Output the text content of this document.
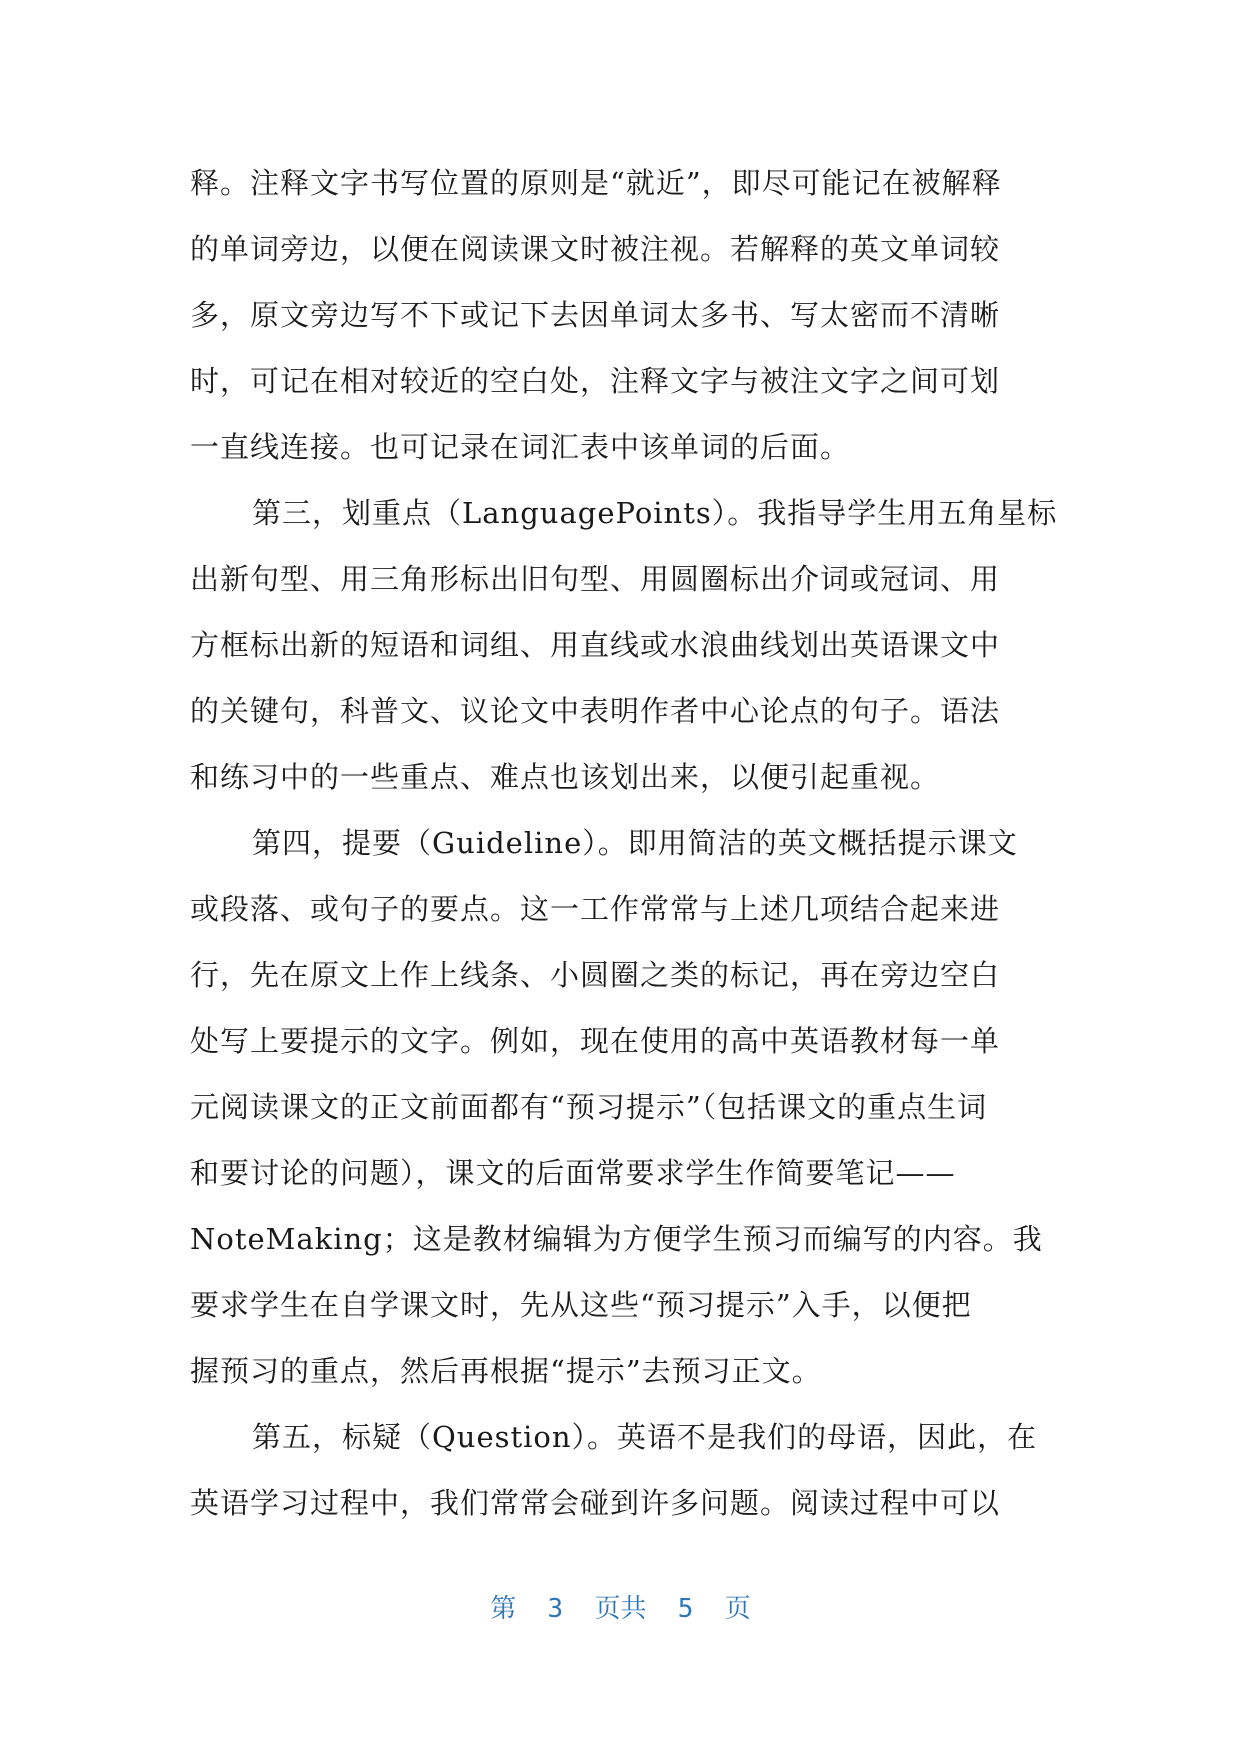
释。注释文字书写位置的原则是“就近”，即尽可能记在被解释
的单词旁边，以便在阅读课文时被注视。若解释的英文单词较
多，原文旁边写不下或记下去因单词太多书、写太密而不清晰
时，可记在相对较近的空白处，注释文字与被注文字之间可划
一直线连接。也可记录在词汇表中该单词的后面。
第三，划重点（LanguagePoints）。我指导学生用五角星标
出新句型、用三角形标出旧句型、用圆圈标出介词或冠词、用
方框标出新的短语和词组、用直线或水浪曲线划出英语课文中
的关键句，科普文、议论文中表明作者中心论点的句子。语法
和练习中的一些重点、难点也该划出来，以便引起重视。
第四，提要（Guideline）。即用简洁的英文概括提示课文
或段落、或句子的要点。这一工作常常与上述几项结合起来进
行，先在原文上作上线条、小圆圈之类的标记，再在旁边空白
处写上要提示的文字。例如，现在使用的高中英语教材每一单
元阅读课文的正文前面都有“预习提示”（包括课文的重点生词
和要讨论的问题），课文的后面常要求学生作简要笔记——
NoteMaking；这是教材编辑为方便学生预习而编写的内容。我
要求学生在自学课文时，先从这些“预习提示”入手，以便把
握预习的重点，然后再根据“提示”去预习正文。
第五，标疑（Question）。英语不是我们的母语，因此，在
英语学习过程中，我们常常会碰到许多问题。阅读过程中可以
第  3  页共  5  页
